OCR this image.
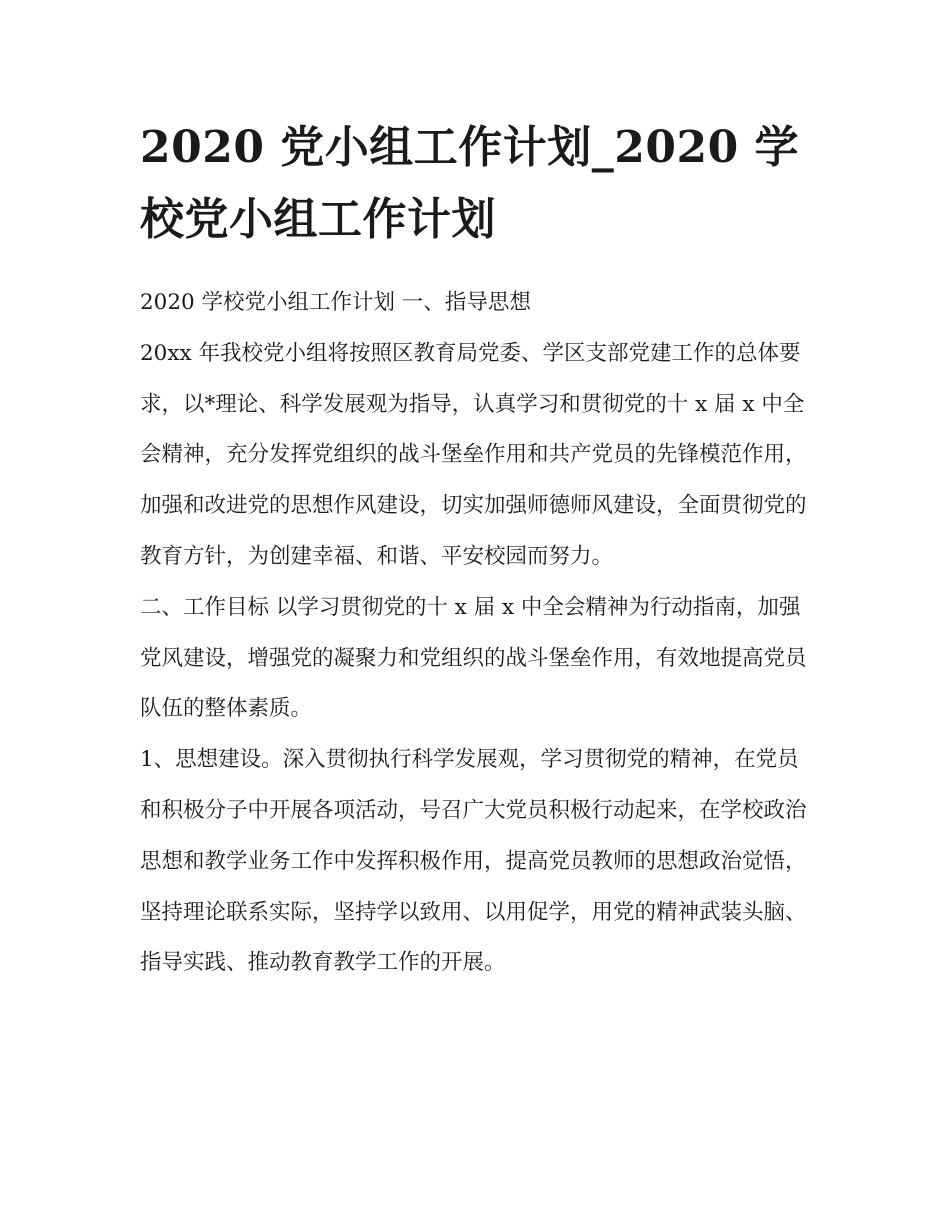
2020 党小组工作计划_2020 学校党小组工作计划

2020 学校党小组工作计划 一、指导思想

20xx 年我校党小组将按照区教育局党委、学区支部党建工作的总体要求，以*理论、科学发展观为指导，认真学习和贯彻党的十 x 届 x 中全会精神，充分发挥党组织的战斗堡垒作用和共产党员的先锋模范作用，加强和改进党的思想作风建设，切实加强师德师风建设，全面贯彻党的教育方针，为创建幸福、和谐、平安校园而努力。

二、工作目标 以学习贯彻党的十 x 届 x 中全会精神为行动指南，加强党风建设，增强党的凝聚力和党组织的战斗堡垒作用，有效地提高党员队伍的整体素质。

1、思想建设。深入贯彻执行科学发展观，学习贯彻党的精神，在党员和积极分子中开展各项活动，号召广大党员积极行动起来，在学校政治思想和教学业务工作中发挥积极作用，提高党员教师的思想政治觉悟，坚持理论联系实际，坚持学以致用、以用促学，用党的精神武装头脑、指导实践、推动教育教学工作的开展。
